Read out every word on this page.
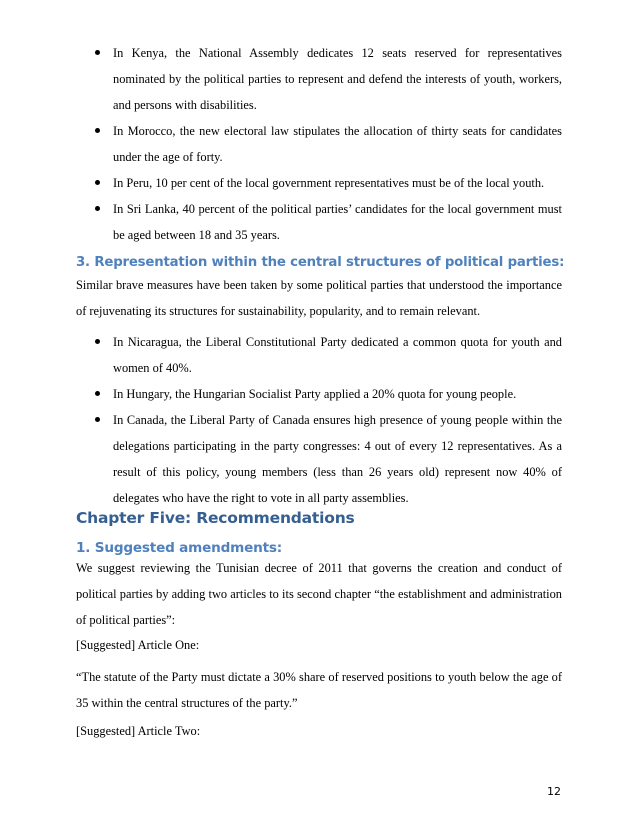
In Kenya, the National Assembly dedicates 12 seats reserved for representatives nominated by the political parties to represent and defend the interests of youth, workers, and persons with disabilities.
In Morocco, the new electoral law stipulates the allocation of thirty seats for candidates under the age of forty.
In Peru, 10 per cent of the local government representatives must be of the local youth.
In Sri Lanka, 40 percent of the political parties’ candidates for the local government must be aged between 18 and 35 years.
3. Representation within the central structures of political parties:
Similar brave measures have been taken by some political parties that understood the importance of rejuvenating its structures for sustainability, popularity, and to remain relevant.
In Nicaragua, the Liberal Constitutional Party dedicated a common quota for youth and women of 40%.
In Hungary, the Hungarian Socialist Party applied a 20% quota for young people.
In Canada, the Liberal Party of Canada ensures high presence of young people within the delegations participating in the party congresses: 4 out of every 12 representatives. As a result of this policy, young members (less than 26 years old) represent now 40% of delegates who have the right to vote in all party assemblies.
Chapter Five: Recommendations
1. Suggested amendments:
We suggest reviewing the Tunisian decree of 2011 that governs the creation and conduct of political parties by adding two articles to its second chapter “the establishment and administration of political parties”:
[Suggested] Article One:
“The statute of the Party must dictate a 30% share of reserved positions to youth below the age of 35 within the central structures of the party.”
[Suggested] Article Two:
12
